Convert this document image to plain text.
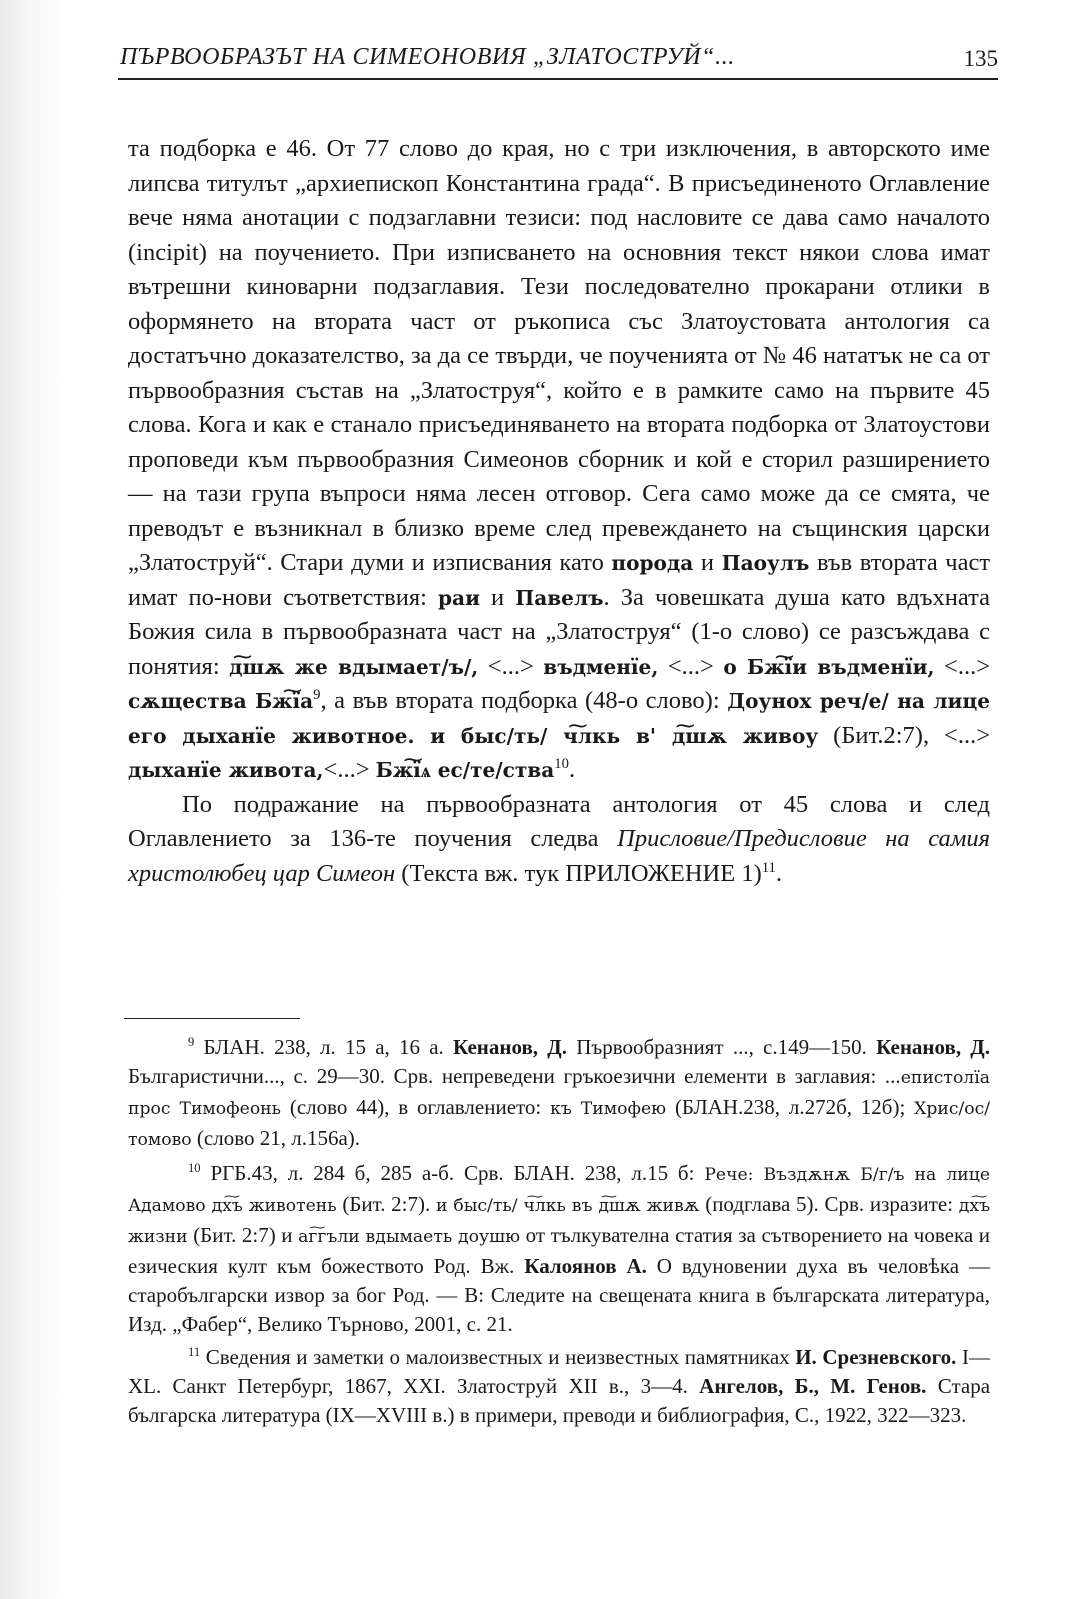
ПЪРВООБРАЗЪТ НА СИМЕОНОВИЯ „ЗЛАТОСТРУЙ“...	135

та подборка е 46. От 77 слово до края, но с три изключения, в авторското име липсва титулът „архиепископ Константина града“. В присъединеното Оглавление вече няма анотации с подзаглавни тезиси: под насловите се дава само началото (incipit) на поучението. При изписването на основния текст някои слова имат вътрешни киноварни подзаглавия. Тези последователно прокарани отлики в оформянето на втората част от ръкописа със Златоустовата антология са достатъчно доказателство, за да се твърди, че поученията от № 46 нататък не са от първообразния състав на „Златоструя“, който е в рамките само на първите 45 слова. Кога и как е станало присъединяването на втората подборка от Златоустови проповеди към първообразния Симеонов сборник и кой е сторил разширението — на тази група въпроси няма лесен отговор. Сега само може да се смята, че преводът е възникнал в близко време след превеждането на същинския царски „Златоструй“. Стари думи и изписвания като порода и Паоулъ във втората част имат по-нови съответствия: раи и Павелъ. За човешката душа като вдъхната Божия сила в първообразната част на „Златоструя“ (1-о слово) се разсъждава с понятия: д͠шѫ же вдымает/ъ/, <...> въдменїе, <...> о Бж͠їи въдменїи, <...> сѫщества $Бж͠їа^9$, а във втората подборка (48-о слово): Доунох реч/е/ на лице его дыханїе животное. и быс/ть/ ч͠лкь в' д͠шѫ живоу (Бит.2:7), <...> дыханїе живота,<...> Бж͠їѧ ес/те/ства$^{10}$.

По подражание на първообразната антология от 45 слова и след Оглавлението за 136-те поучения следва Присловие/Предисловие на самия христолюбец цар Симеон (Текста вж. тук ПРИЛОЖЕНИЕ 1)$^{11}$.

$^9$ БЛАН. 238, л. 15 а, 16 а. Кенанов, Д. Първообразният ..., с.149—150. Кенанов, Д. Българистични..., с. 29—30. Срв. непреведени гръкоезични елементи в заглавия: ...епистолїа прос Тимофеонь (слово 44), в оглавлението: къ Тимофею (БЛАН.238, л.272б, 12б); Хрис/ос/томово (слово 21, л.156а).

$^{10}$ РГБ.43, л. 284 б, 285 а-б. Срв. БЛАН. 238, л.15 б: Рече: Въздѫнѫ Б/г/ъ на лице Адамово дх͠ъ животень (Бит. 2:7). и быс/ть/ ч͠лкь въ д͠шѫ живѫ (подглава 5). Срв. изразите: дх͠ъ жизни (Бит. 2:7) и аг͠гъли вдымаеть доушю от тълкувателна статия за сътворението на човека и езическия култ към божеството Род. Вж. Калоянов А. О вдуновении духа въ человѣка — старобългарски извор за бог Род. — В: Следите на свещената книга в българската литература, Изд. „Фабер“, Велико Търново, 2001, с. 21.

$^{11}$ Сведения и заметки о малоизвестных и неизвестных памятниках И. Срезневского. I—XL. Санкт Петербург, 1867, XXI. Златоструй XII в., 3—4. Ангелов, Б., М. Генов. Стара българска литература (IX—XVIII в.) в примери, преводи и библиография, С., 1922, 322—323.
